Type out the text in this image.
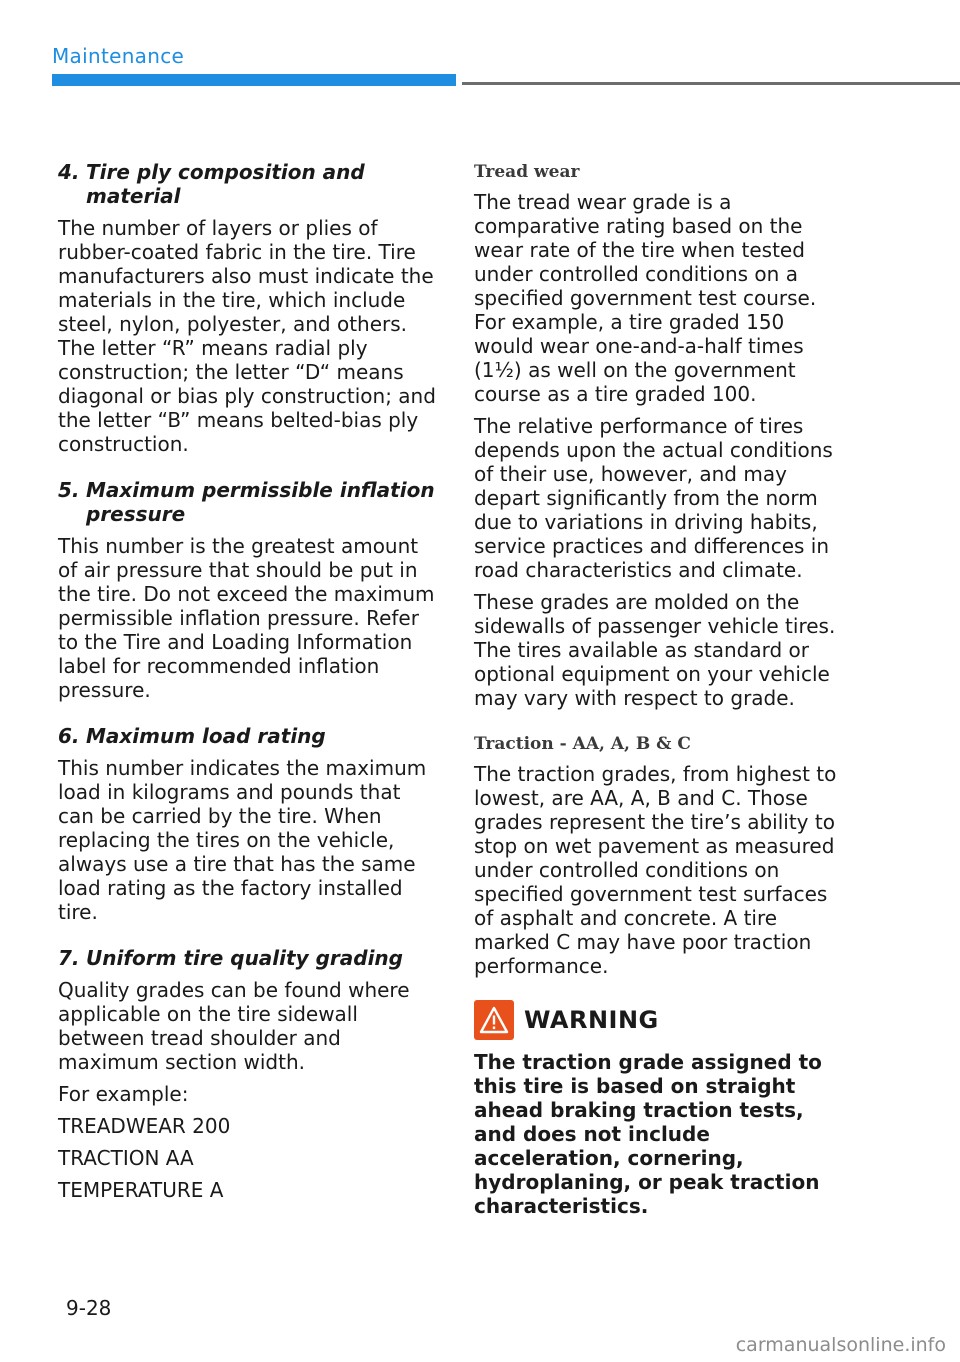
Maintenance
4. Tire ply composition and material

The number of layers or plies of rubber-coated fabric in the tire. Tire manufacturers also must indicate the materials in the tire, which include steel, nylon, polyester, and others. The letter “R” means radial ply construction; the letter “D“ means diagonal or bias ply construction; and the letter “B” means belted-bias ply construction.

5. Maximum permissible inflation pressure

This number is the greatest amount of air pressure that should be put in the tire. Do not exceed the maximum permissible inflation pressure. Refer to the Tire and Loading Information label for recommended inflation pressure.

6. Maximum load rating

This number indicates the maximum load in kilograms and pounds that can be carried by the tire. When replacing the tires on the vehicle, always use a tire that has the same load rating as the factory installed tire.

7. Uniform tire quality grading

Quality grades can be found where applicable on the tire sidewall between tread shoulder and maximum section width.

For example:

TREADWEAR 200

TRACTION AA

TEMPERATURE A

Tread wear

The tread wear grade is a comparative rating based on the wear rate of the tire when tested under controlled conditions on a specified government test course. For example, a tire graded 150 would wear one-and-a-half times (1½) as well on the government course as a tire graded 100.

The relative performance of tires depends upon the actual conditions of their use, however, and may depart significantly from the norm due to variations in driving habits, service practices and differences in road characteristics and climate.

These grades are molded on the sidewalls of passenger vehicle tires. The tires available as standard or optional equipment on your vehicle may vary with respect to grade.

Traction - AA, A, B & C

The traction grades, from highest to lowest, are AA, A, B and C. Those grades represent the tire’s ability to stop on wet pavement as measured under controlled conditions on specified government test surfaces of asphalt and concrete. A tire marked C may have poor traction performance.

WARNING

The traction grade assigned to this tire is based on straight ahead braking traction tests, and does not include acceleration, cornering, hydroplaning, or peak traction characteristics.

9-28
carmanualsonline.info
